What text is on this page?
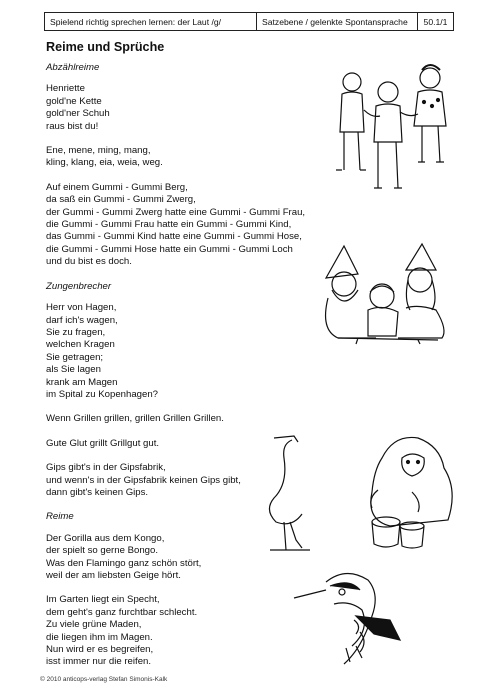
Spielend richtig sprechen lernen: der Laut /g/	Satzebene / gelenkte Spontansprache	50.1/1
Reime und Sprüche
Abzählreime
Henriette
gold'ne Kette
gold'ner Schuh
raus bist du!
Ene, mene, ming, mang,
kling, klang, eia, weia, weg.
Auf einem Gummi - Gummi Berg,
da saß ein Gummi - Gummi Zwerg,
der Gummi - Gummi Zwerg hatte eine Gummi - Gummi Frau,
die Gummi - Gummi Frau hatte ein Gummi - Gummi Kind,
das Gummi - Gummi Kind hatte eine Gummi - Gummi Hose,
die Gummi - Gummi Hose hatte ein Gummi - Gummi Loch
und du bist es doch.
Zungenbrecher
Herr von Hagen,
darf ich's wagen,
Sie zu fragen,
welchen Kragen
Sie getragen;
als Sie lagen
krank am Magen
im Spital zu Kopenhagen?
Wenn Grillen grillen, grillen Grillen Grillen.
Gute Glut grillt Grillgut gut.
Gips gibt's in der Gipsfabrik,
und wenn's in der Gipsfabrik keinen Gips gibt,
dann gibt's keinen Gips.
Reime
Der Gorilla aus dem Kongo,
der spielt so gerne Bongo.
Was den Flamingo ganz schön stört,
weil der am liebsten Geige hört.
Im Garten liegt ein Specht,
dem geht's ganz furchtbar schlecht.
Zu viele grüne Maden,
die liegen ihm im Magen.
Nun wird er es begreifen,
isst immer nur die reifen.
© 2010 anticops-verlag Stefan Simonis-Kalk
